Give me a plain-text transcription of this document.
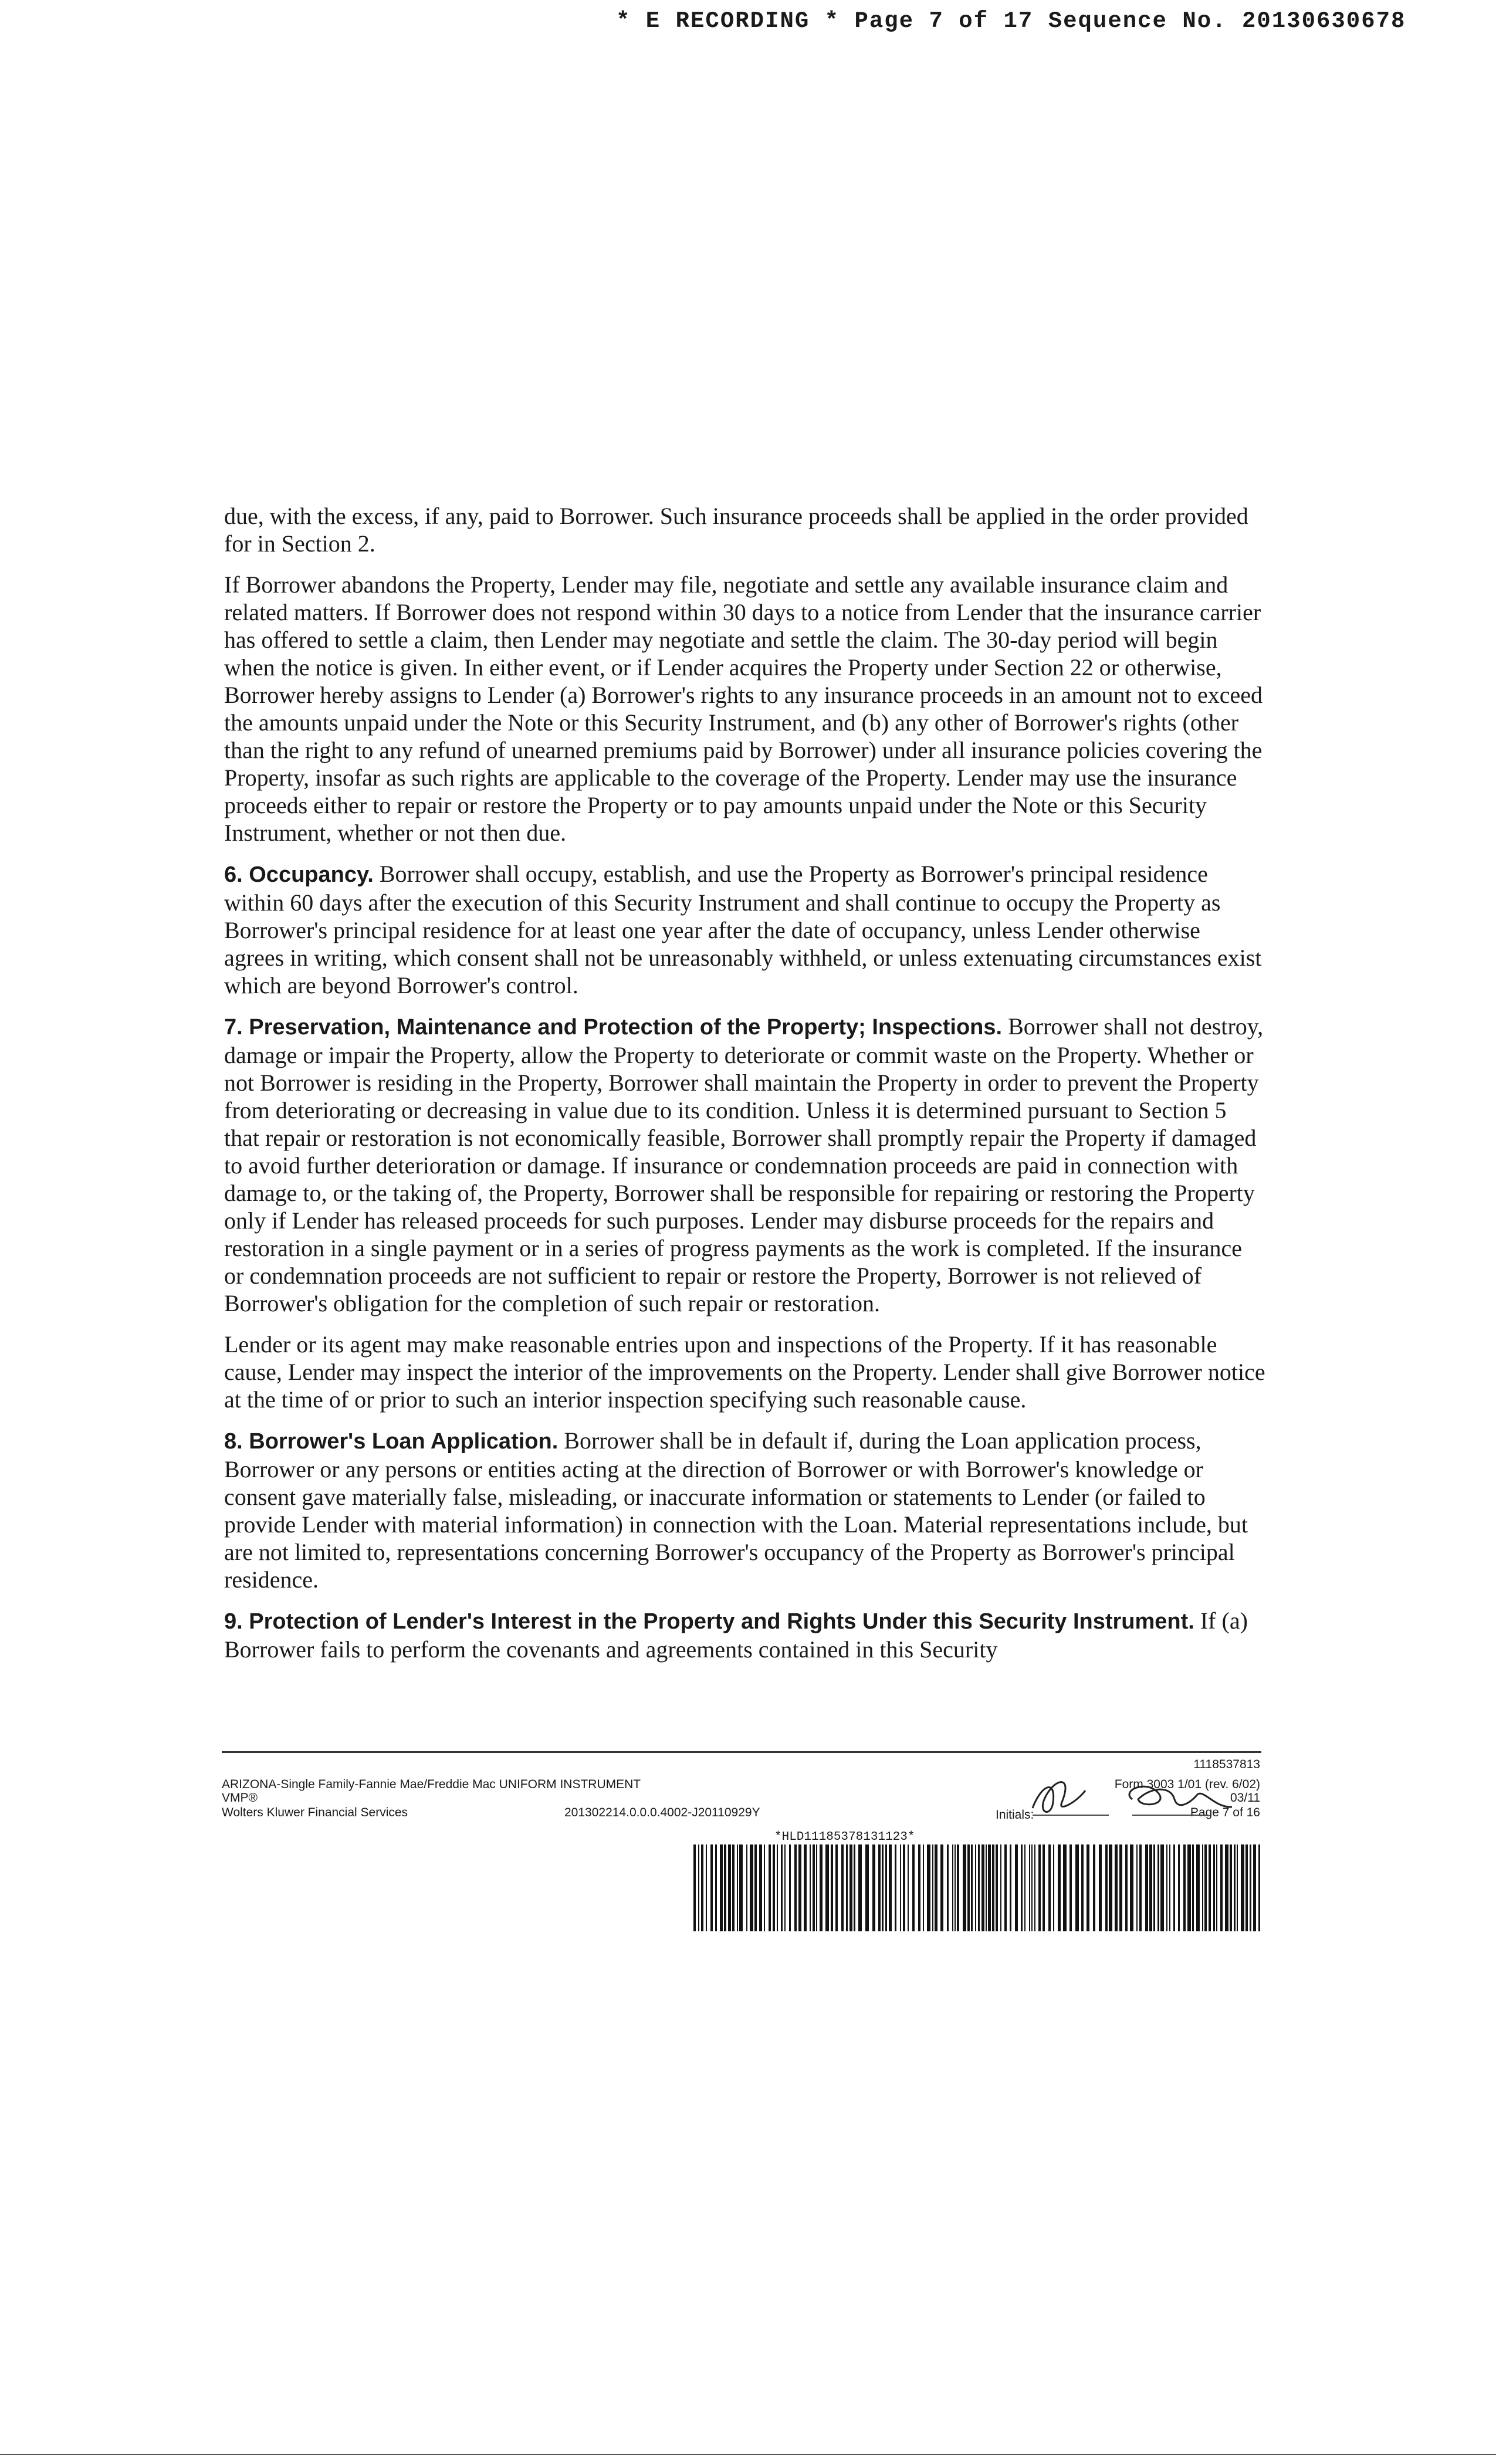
* E RECORDING * Page 7 of 17 Sequence No. 20130630678

due, with the excess, if any, paid to Borrower. Such insurance proceeds shall be applied in the order provided for in Section 2.

If Borrower abandons the Property, Lender may file, negotiate and settle any available insurance claim and related matters. If Borrower does not respond within 30 days to a notice from Lender that the insurance carrier has offered to settle a claim, then Lender may negotiate and settle the claim. The 30-day period will begin when the notice is given. In either event, or if Lender acquires the Property under Section 22 or otherwise, Borrower hereby assigns to Lender (a) Borrower's rights to any insurance proceeds in an amount not to exceed the amounts unpaid under the Note or this Security Instrument, and (b) any other of Borrower's rights (other than the right to any refund of unearned premiums paid by Borrower) under all insurance policies covering the Property, insofar as such rights are applicable to the coverage of the Property. Lender may use the insurance proceeds either to repair or restore the Property or to pay amounts unpaid under the Note or this Security Instrument, whether or not then due.

6. Occupancy. Borrower shall occupy, establish, and use the Property as Borrower's principal residence within 60 days after the execution of this Security Instrument and shall continue to occupy the Property as Borrower's principal residence for at least one year after the date of occupancy, unless Lender otherwise agrees in writing, which consent shall not be unreasonably withheld, or unless extenuating circumstances exist which are beyond Borrower's control.

7. Preservation, Maintenance and Protection of the Property; Inspections. Borrower shall not destroy, damage or impair the Property, allow the Property to deteriorate or commit waste on the Property. Whether or not Borrower is residing in the Property, Borrower shall maintain the Property in order to prevent the Property from deteriorating or decreasing in value due to its condition. Unless it is determined pursuant to Section 5 that repair or restoration is not economically feasible, Borrower shall promptly repair the Property if damaged to avoid further deterioration or damage. If insurance or condemnation proceeds are paid in connection with damage to, or the taking of, the Property, Borrower shall be responsible for repairing or restoring the Property only if Lender has released proceeds for such purposes. Lender may disburse proceeds for the repairs and restoration in a single payment or in a series of progress payments as the work is completed. If the insurance or condemnation proceeds are not sufficient to repair or restore the Property, Borrower is not relieved of Borrower's obligation for the completion of such repair or restoration.

Lender or its agent may make reasonable entries upon and inspections of the Property. If it has reasonable cause, Lender may inspect the interior of the improvements on the Property. Lender shall give Borrower notice at the time of or prior to such an interior inspection specifying such reasonable cause.

8. Borrower's Loan Application. Borrower shall be in default if, during the Loan application process, Borrower or any persons or entities acting at the direction of Borrower or with Borrower's knowledge or consent gave materially false, misleading, or inaccurate information or statements to Lender (or failed to provide Lender with material information) in connection with the Loan. Material representations include, but are not limited to, representations concerning Borrower's occupancy of the Property as Borrower's principal residence.

9. Protection of Lender's Interest in the Property and Rights Under this Security Instrument. If (a) Borrower fails to perform the covenants and agreements contained in this Security

1118537813
ARIZONA-Single Family-Fannie Mae/Freddie Mac UNIFORM INSTRUMENT
VMP®
Wolters Kluwer Financial Services	201302214.0.0.0.4002-J20110929Y
Form 3003 1/01 (rev. 6/02)
03/11
Initials:	Page 7 of 16
*HLD11185378131123*
